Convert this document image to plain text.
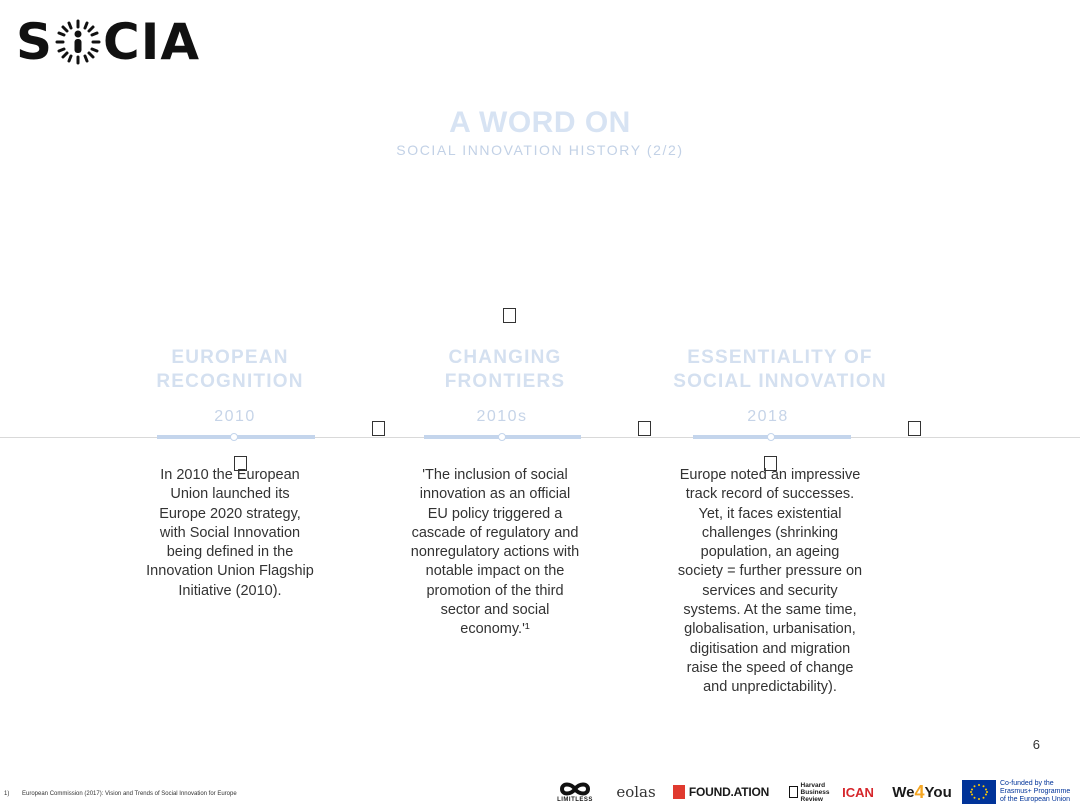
S CIA
A WORD ON
SOCIAL INNOVATION HISTORY (2/2)
EUROPEAN
RECOGNITION
CHANGING
FRONTIERS
ESSENTIALITY OF
SOCIAL INNOVATION
2010	2010s	2018
In 2010 the European
Union launched its
Europe 2020 strategy,
with Social Innovation
being defined in the
Innovation Union Flagship
Initiative (2010).
'The inclusion of social
innovation as an official
EU policy triggered a
cascade of regulatory and
nonregulatory actions with
notable impact on the
promotion of the third
sector and social
economy.'¹
Europe noted an impressive
track record of successes.
Yet, it faces existential
challenges (shrinking
population, an ageing
society = further pressure on
services and security
systems. At the same time,
globalisation, urbanisation,
digitisation and migration
raise the speed of change
and unpredictability).
6
1) European Commission (2017): Vision and Trends of Social Innovation for Europe
LIMITLESS eolas	FOUND.ATION	Harvard
Business
Review	ICAN We 4 You	Co-funded by the
Erasmus+ Programme
of the European Union
